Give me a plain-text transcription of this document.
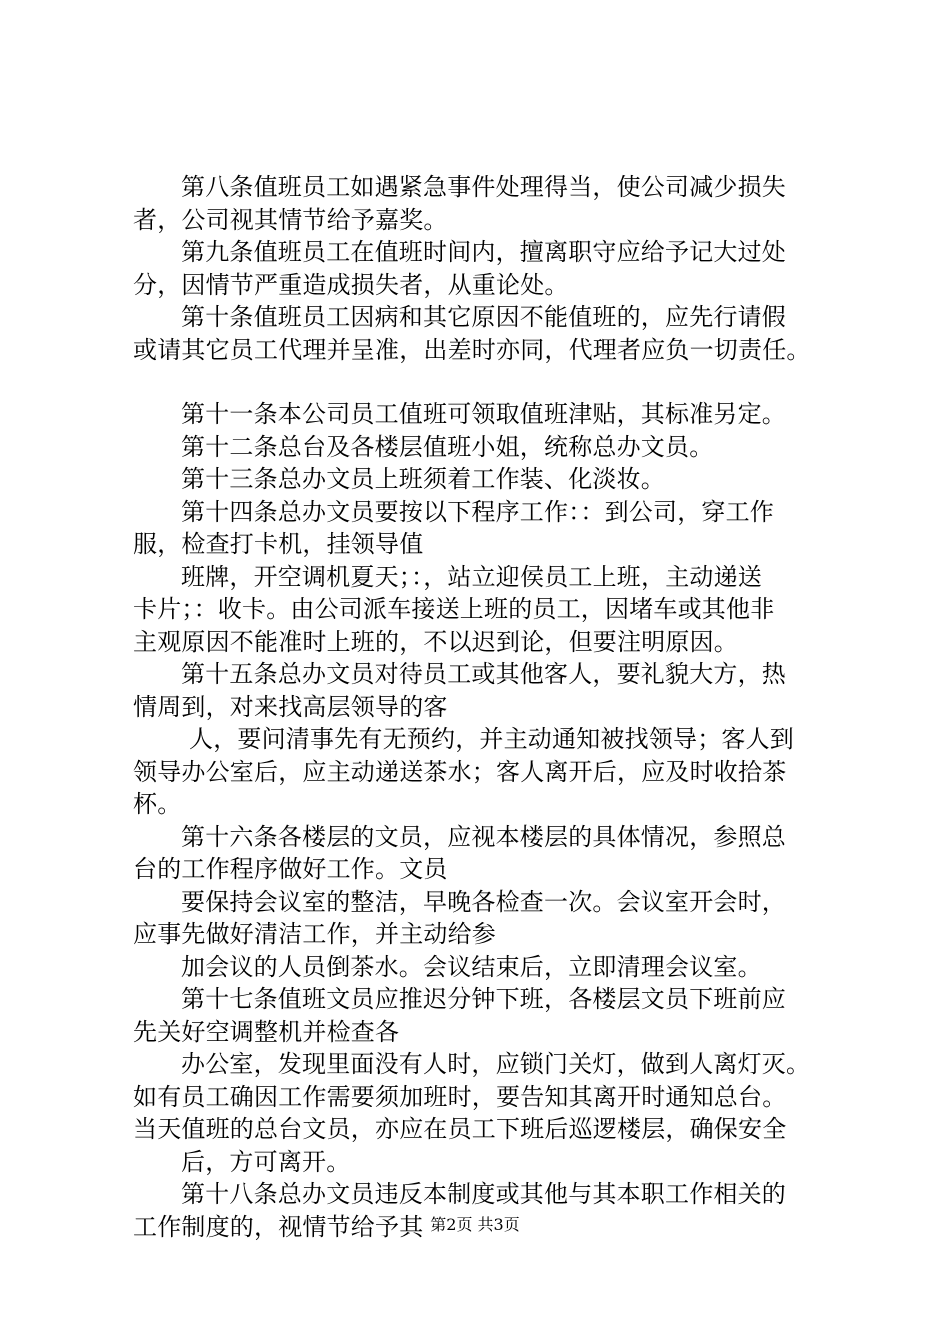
第八条值班员工如遇紧急事件处理得当，使公司减少损失
者，公司视其情节给予嘉奖。
第九条值班员工在值班时间内，擅离职守应给予记大过处
分，因情节严重造成损失者，从重论处。
第十条值班员工因病和其它原因不能值班的，应先行请假
或请其它员工代理并呈准，出差时亦同，代理者应负一切责任。
第十一条本公司员工值班可领取值班津贴，其标准另定。
第十二条总台及各楼层值班小姐，统称总办文员。
第十三条总办文员上班须着工作装、化淡妆。
第十四条总办文员要按以下程序工作：：到公司，穿工作
服，检查打卡机，挂领导值
班牌，开空调机夏天；：，站立迎侯员工上班，主动递送
卡片；：收卡。由公司派车接送上班的员工，因堵车或其他非
主观原因不能准时上班的，不以迟到论，但要注明原因。
第十五条总办文员对待员工或其他客人，要礼貌大方，热
情周到，对来找高层领导的客
人，要问清事先有无预约，并主动通知被找领导；客人到
领导办公室后，应主动递送茶水；客人离开后，应及时收拾茶
杯。
第十六条各楼层的文员，应视本楼层的具体情况，参照总
台的工作程序做好工作。文员
要保持会议室的整洁，早晚各检查一次。会议室开会时，
应事先做好清洁工作，并主动给参
加会议的人员倒茶水。会议结束后，立即清理会议室。
第十七条值班文员应推迟分钟下班，各楼层文员下班前应
先关好空调整机并检查各
办公室，发现里面没有人时，应锁门关灯，做到人离灯灭。
如有员工确因工作需要须加班时，要告知其离开时通知总台。
当天值班的总台文员，亦应在员工下班后巡逻楼层，确保安全
后，方可离开。
第十八条总办文员违反本制度或其他与其本职工作相关的
工作制度的，视情节给予其 第2页 共3页
